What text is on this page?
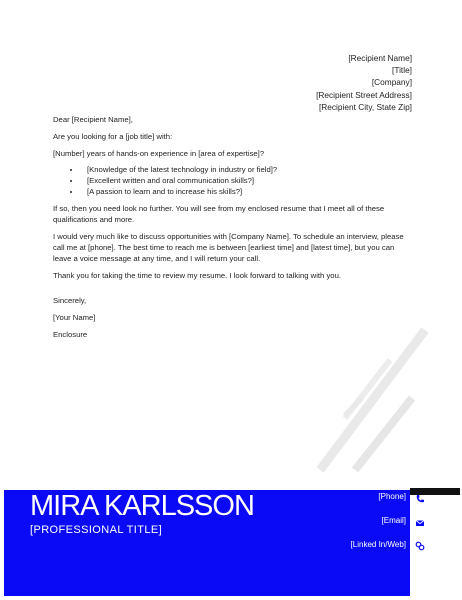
[Recipient Name]
[Title]
[Company]
[Recipient Street Address]
[Recipient City, State Zip]

Dear [Recipient Name],

Are you looking for a [job title] with:

[Number] years of hands-on experience in [area of expertise]?

• [Knowledge of the latest technology in industry or field]?
• [Excellent written and oral communication skills?]
• [A passion to learn and to increase his skills?]

If so, then you need look no further. You will see from my enclosed resume that I meet all of these qualifications and more.

I would very much like to discuss opportunities with [Company Name]. To schedule an interview, please call me at [phone]. The best time to reach me is between [earliest time] and [latest time], but you can leave a voice message at any time, and I will return your call.

Thank you for taking the time to review my resume. I look forward to talking with you.

Sincerely,

[Your Name]

Enclosure

MIRA KARLSSON
[PROFESSIONAL TITLE]
[Phone]
[Email]
[Linked In/Web]
